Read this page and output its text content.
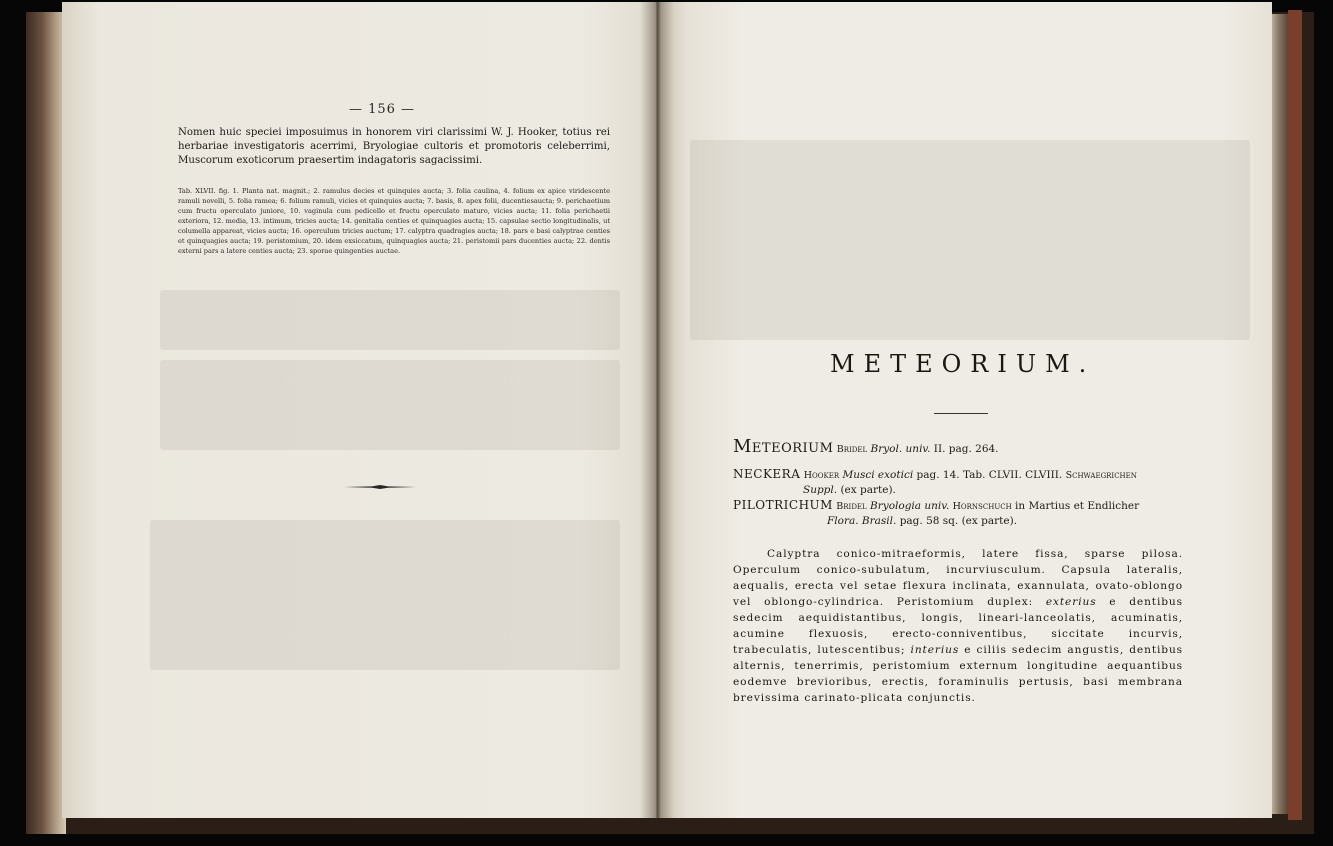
— 156 —

Nomen huic speciei imposuimus in honorem viri clarissimi W. J. Hooker, totius rei herbariae investigatoris acerrimi, Bryologiae cultoris et promotoris celeberrimi, Muscorum exoticorum praesertim indagatoris sagacissimi.

Tab. XLVII. fig. 1. Planta nat. magnit.; 2. ramulus decies et quinquies aucta; 3. folia caulina, 4. folium ex apice viridescente ramuli novelli, 5. folia ramea; 6. folium ramuli, vicies et quinquies aucta; 7. basis, 8. apex folii, ducentiesaucta; 9. perichaetium cum fructu operculato juniore, 10. vaginula cum pedicello et fructu operculato maturo, vicies aucta; 11. folia perichaetii exteriora, 12. media, 13. intimum, tricies aucta; 14. genitalia centies et quinquagies aucta; 15. capsulae sectio longitudinalis, ut columella appareat, vicies aucta; 16. operculum tricies auctum; 17. calyptra quadragies aucta; 18. pars e basi calyptrae centies et quinquagies aucta; 19. peristomium, 20. idem exsiccatum, quinquagies aucta; 21. peristomii pars ducenties aucta; 22. dentis externi pars a latere centies aucta; 23. sporae quingenties auctae.

METEORIUM.
Meteorium Bridel Bryol. univ. II. pag. 264.
NECKERA Hooker Musci exotici pag. 14. Tab. CLVII. CLVIII. Schwaegrichen
Suppl. (ex parte).
PILOTRICHUM Bridel Bryologia univ. Hornschuch in Martius et Endlicher
Flora. Brasil. pag. 58 sq. (ex parte).

Calyptra conico-mitraeformis, latere fissa, sparse pilosa. Operculum conico-subulatum, incurviusculum. Capsula lateralis, aequalis, erecta vel setae flexura inclinata, exannulata, ovato-oblongo vel oblongo-cylindrica. Peristomium duplex: exterius e dentibus sedecim aequidistantibus, longis, lineari-lanceolatis, acuminatis, acumine flexuosis, erecto-conniventibus, siccitate incurvis, trabeculatis, lutescentibus; interius e ciliis sedecim angustis, dentibus alternis, tenerrimis, peristomium externum longitudine aequantibus eodemve brevioribus, erectis, foraminulis pertusis, basi membrana brevissima carinato-plicata conjunctis.
